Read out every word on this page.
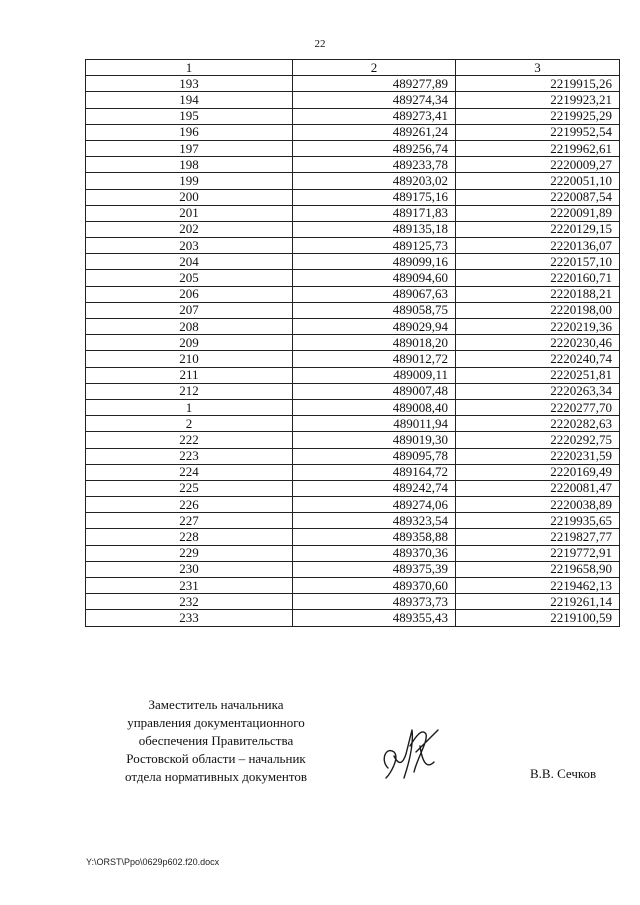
22
1	2	3
193	489277,89	2219915,26
194	489274,34	2219923,21
195	489273,41	2219925,29
196	489261,24	2219952,54
197	489256,74	2219962,61
198	489233,78	2220009,27
199	489203,02	2220051,10
200	489175,16	2220087,54
201	489171,83	2220091,89
202	489135,18	2220129,15
203	489125,73	2220136,07
204	489099,16	2220157,10
205	489094,60	2220160,71
206	489067,63	2220188,21
207	489058,75	2220198,00
208	489029,94	2220219,36
209	489018,20	2220230,46
210	489012,72	2220240,74
211	489009,11	2220251,81
212	489007,48	2220263,34
1	489008,40	2220277,70
2	489011,94	2220282,63
222	489019,30	2220292,75
223	489095,78	2220231,59
224	489164,72	2220169,49
225	489242,74	2220081,47
226	489274,06	2220038,89
227	489323,54	2219935,65
228	489358,88	2219827,77
229	489370,36	2219772,91
230	489375,39	2219658,90
231	489370,60	2219462,13
232	489373,73	2219261,14
233	489355,43	2219100,59
Заместитель начальника
управления документационного
обеспечения Правительства
Ростовской области – начальник
отдела нормативных документов	В.В. Сечков
Y:\ORST\Ppo\0629p602.f20.docx
